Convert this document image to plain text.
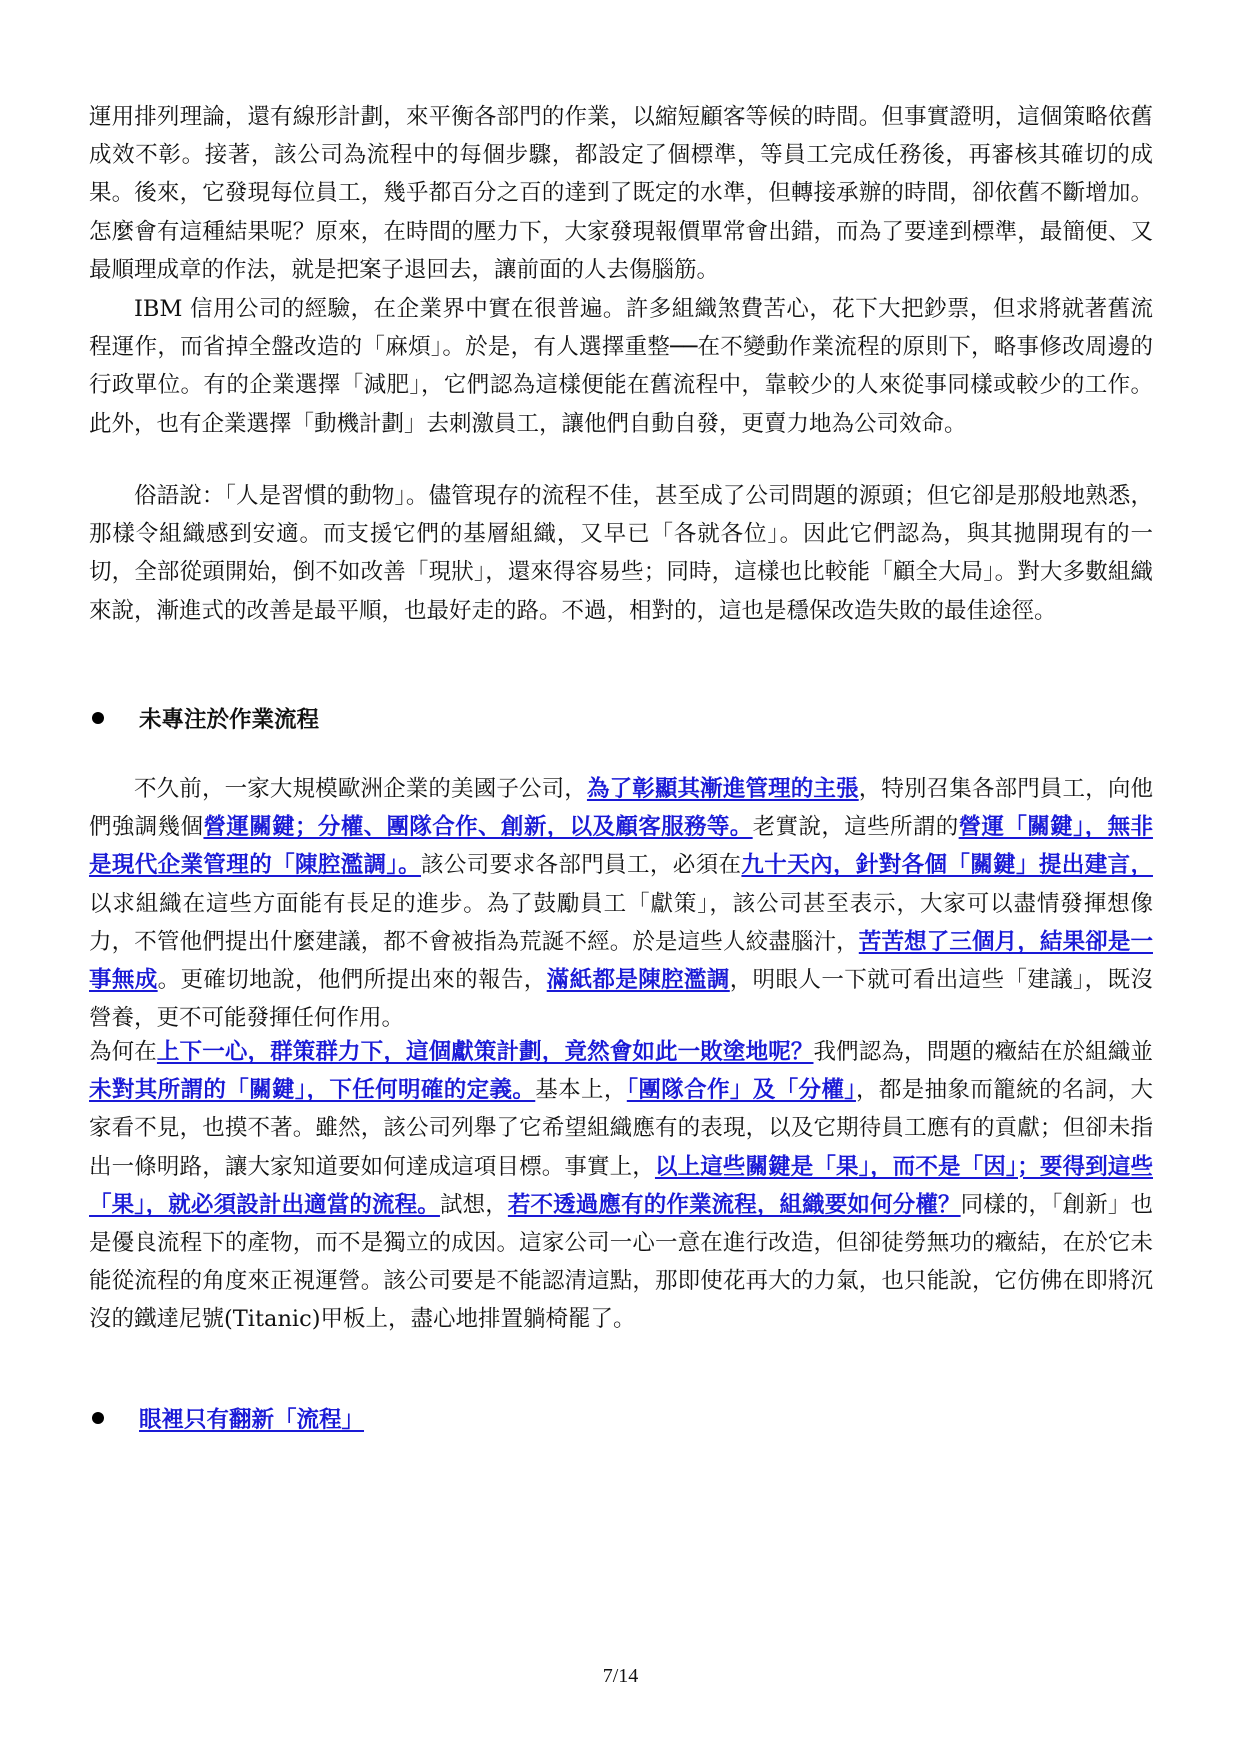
運用排列理論，還有線形計劃，來平衡各部門的作業，以縮短顧客等候的時間。但事實證明，這個策略依舊成效不彰。接著，該公司為流程中的每個步驟，都設定了個標準，等員工完成任務後，再審核其確切的成果。後來，它發現每位員工，幾乎都百分之百的達到了既定的水準，但轉接承辦的時間，卻依舊不斷增加。怎麼會有這種結果呢？原來，在時間的壓力下，大家發現報價單常會出錯，而為了要達到標準，最簡便、又最順理成章的作法，就是把案子退回去，讓前面的人去傷腦筋。

IBM 信用公司的經驗，在企業界中實在很普遍。許多組織煞費苦心，花下大把鈔票，但求將就著舊流程運作，而省掉全盤改造的「麻煩」。於是，有人選擇重整──在不變動作業流程的原則下，略事修改周邊的行政單位。有的企業選擇「減肥」，它們認為這樣便能在舊流程中，靠較少的人來從事同樣或較少的工作。此外，也有企業選擇「動機計劃」去刺激員工，讓他們自動自發，更賣力地為公司效命。

俗語說：「人是習慣的動物」。儘管現存的流程不佳，甚至成了公司問題的源頭；但它卻是那般地熟悉，那樣令組織感到安適。而支援它們的基層組織，又早已「各就各位」。因此它們認為，與其拋開現有的一切，全部從頭開始，倒不如改善「現狀」，還來得容易些；同時，這樣也比較能「顧全大局」。對大多數組織來說，漸進式的改善是最平順，也最好走的路。不過，相對的，這也是穩保改造失敗的最佳途徑。

未專注於作業流程

不久前，一家大規模歐洲企業的美國子公司，為了彰顯其漸進管理的主張，特別召集各部門員工，向他們強調幾個營運關鍵；分權、團隊合作、創新，以及顧客服務等。老實說，這些所謂的營運「關鍵」，無非是現代企業管理的「陳腔濫調」。該公司要求各部門員工，必須在九十天內，針對各個「關鍵」提出建言，以求組織在這些方面能有長足的進步。為了鼓勵員工「獻策」，該公司甚至表示，大家可以盡情發揮想像力，不管他們提出什麼建議，都不會被指為荒誕不經。於是這些人絞盡腦汁，苦苦想了三個月，結果卻是一事無成。更確切地說，他們所提出來的報告，滿紙都是陳腔濫調，明眼人一下就可看出這些「建議」，既沒營養，更不可能發揮任何作用。

為何在上下一心，群策群力下，這個獻策計劃，竟然會如此一敗塗地呢？我們認為，問題的癥結在於組織並未對其所謂的「關鍵」，下任何明確的定義。基本上，「團隊合作」及「分權」，都是抽象而籠統的名詞，大家看不見，也摸不著。雖然，該公司列舉了它希望組織應有的表現，以及它期待員工應有的貢獻；但卻未指出一條明路，讓大家知道要如何達成這項目標。事實上，以上這些關鍵是「果」，而不是「因」；要得到這些「果」，就必須設計出適當的流程。試想，若不透過應有的作業流程，組織要如何分權？同樣的，「創新」也是優良流程下的產物，而不是獨立的成因。這家公司一心一意在進行改造，但卻徒勞無功的癥結，在於它未能從流程的角度來正視運營。該公司要是不能認清這點，那即使花再大的力氣，也只能說，它仿佛在即將沉沒的鐵達尼號(Titanic)甲板上，盡心地排置躺椅罷了。

眼裡只有翻新「流程」
7/14
